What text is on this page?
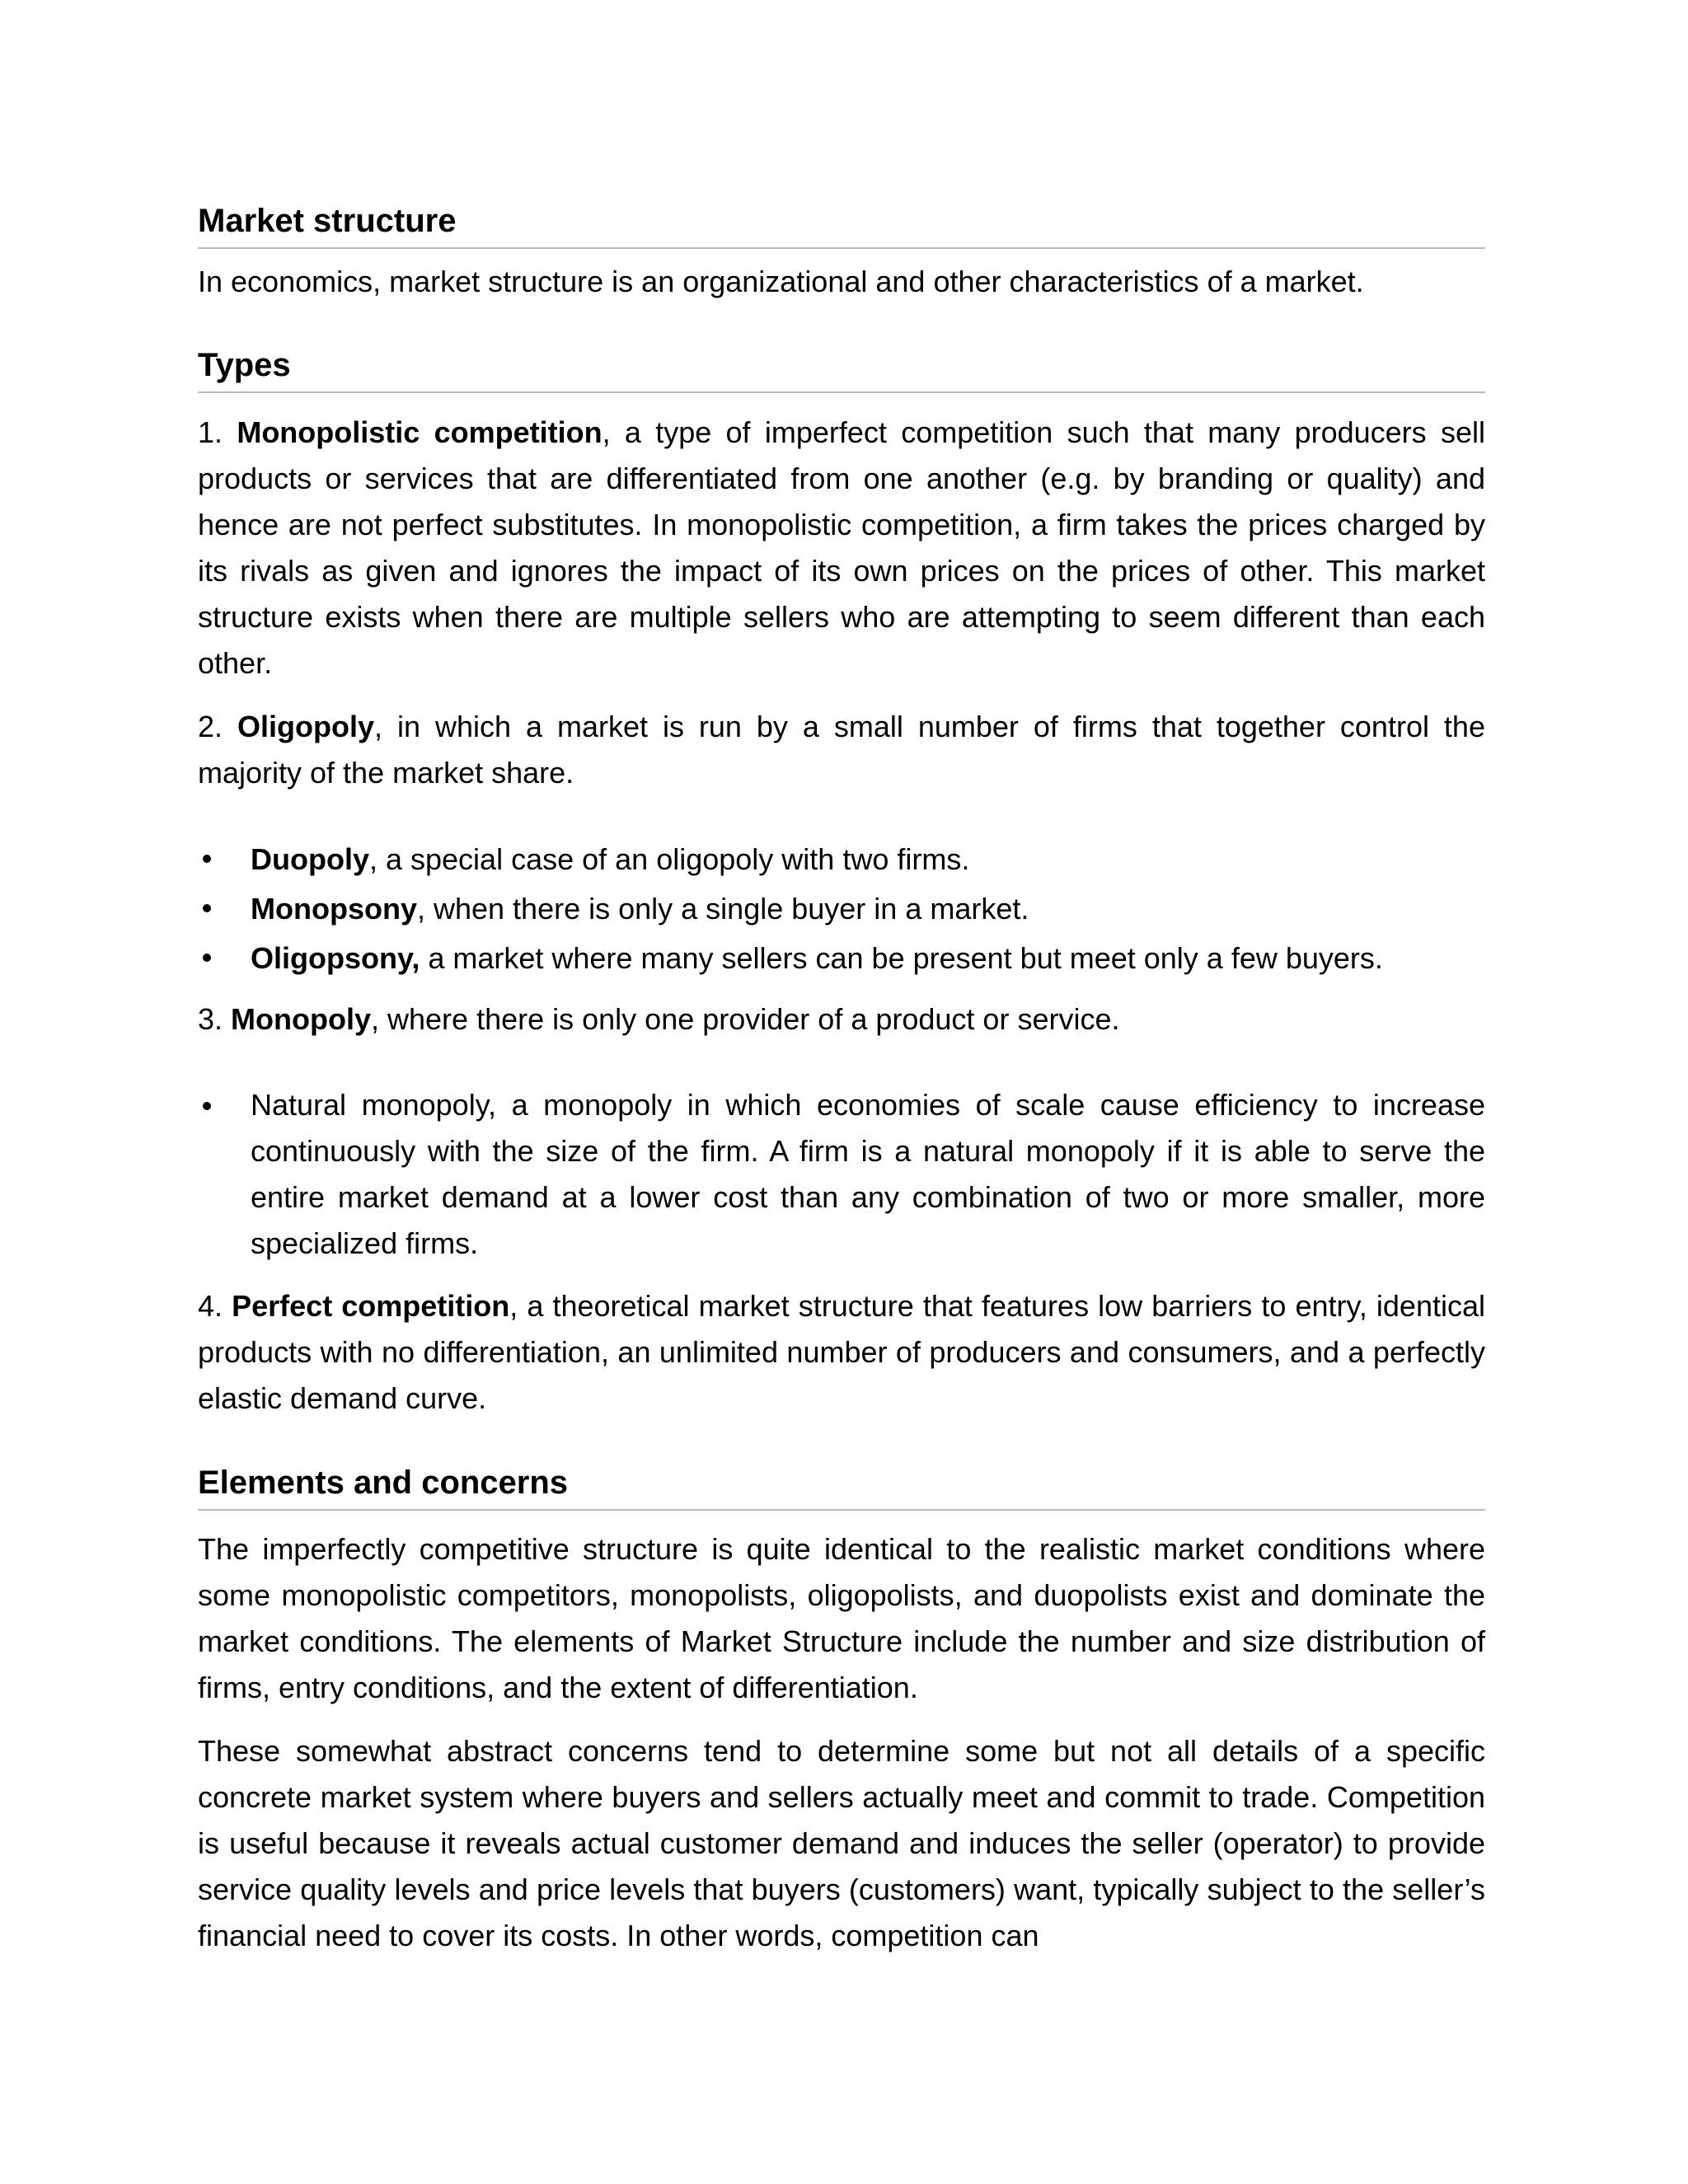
Market structure

In economics, market structure is an organizational and other characteristics of a market.

Types

1. Monopolistic competition, a type of imperfect competition such that many producers sell products or services that are differentiated from one another (e.g. by branding or quality) and hence are not perfect substitutes. In monopolistic competition, a firm takes the prices charged by its rivals as given and ignores the impact of its own prices on the prices of other. This market structure exists when there are multiple sellers who are attempting to seem different than each other.

2. Oligopoly, in which a market is run by a small number of firms that together control the majority of the market share.

Duopoly, a special case of an oligopoly with two firms.
Monopsony, when there is only a single buyer in a market.
Oligopsony, a market where many sellers can be present but meet only a few buyers.

3. Monopoly, where there is only one provider of a product or service.

Natural monopoly, a monopoly in which economies of scale cause efficiency to increase continuously with the size of the firm. A firm is a natural monopoly if it is able to serve the entire market demand at a lower cost than any combination of two or more smaller, more specialized firms.

4. Perfect competition, a theoretical market structure that features low barriers to entry, identical products with no differentiation, an unlimited number of producers and consumers, and a perfectly elastic demand curve.

Elements and concerns

The imperfectly competitive structure is quite identical to the realistic market conditions where some monopolistic competitors, monopolists, oligopolists, and duopolists exist and dominate the market conditions. The elements of Market Structure include the number and size distribution of firms, entry conditions, and the extent of differentiation.

These somewhat abstract concerns tend to determine some but not all details of a specific concrete market system where buyers and sellers actually meet and commit to trade. Competition is useful because it reveals actual customer demand and induces the seller (operator) to provide service quality levels and price levels that buyers (customers) want, typically subject to the seller’s financial need to cover its costs. In other words, competition can
